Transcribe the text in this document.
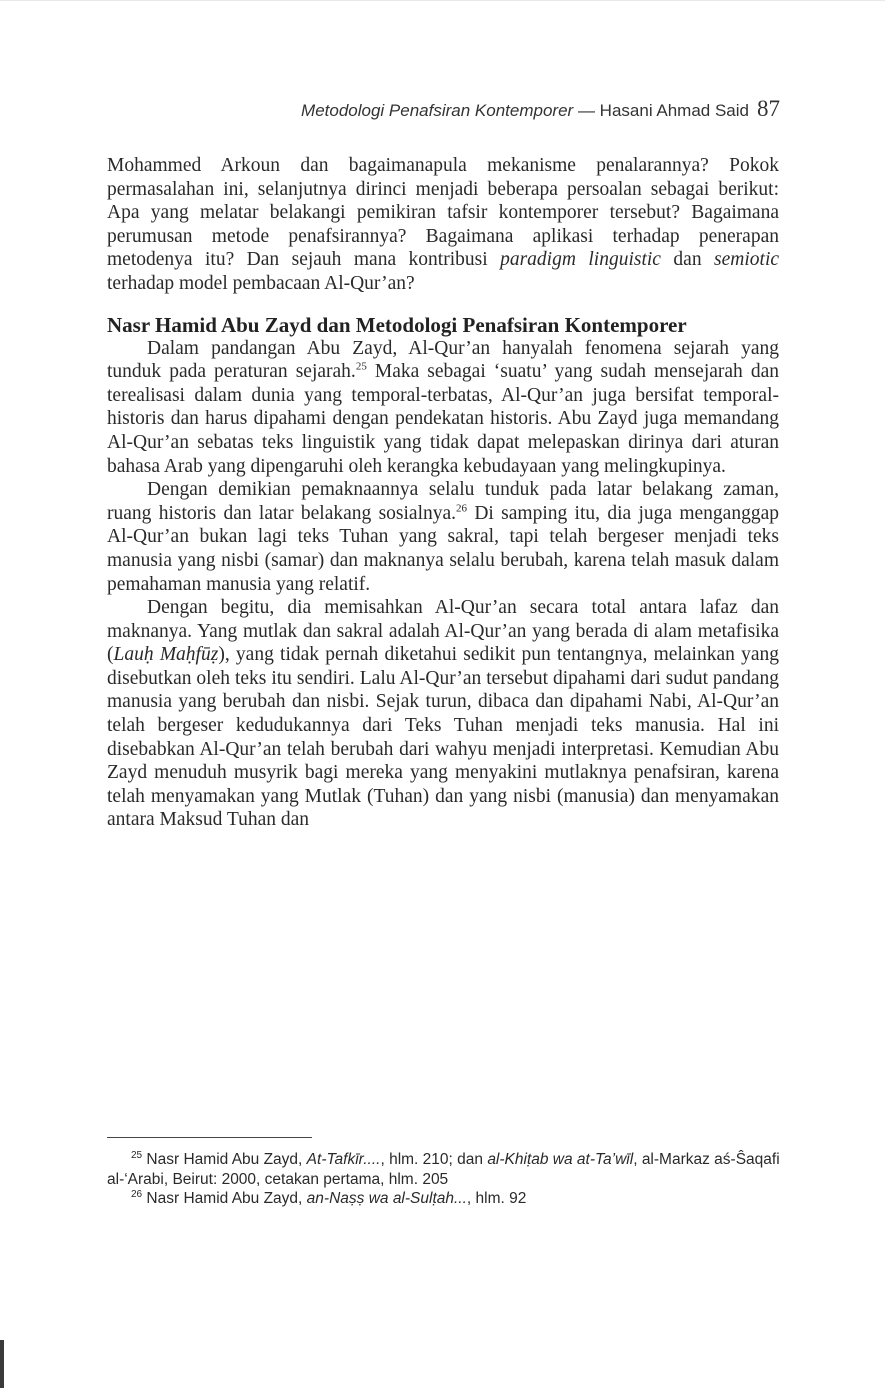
Metodologi Penafsiran Kontemporer — Hasani Ahmad Said 87

Mohammed Arkoun dan bagaimanapula mekanisme penalarannya? Pokok permasalahan ini, selanjutnya dirinci menjadi beberapa persoalan sebagai berikut: Apa yang melatar belakangi pemikiran tafsir kontemporer tersebut? Bagaimana perumusan metode penafsirannya? Bagaimana aplikasi terhadap penerapan metodenya itu? Dan sejauh mana kontribusi paradigm linguistic dan semiotic terhadap model pembacaan Al-Qur’an?

Nasr Hamid Abu Zayd dan Metodologi Penafsiran Kontemporer

Dalam pandangan Abu Zayd, Al-Qur’an hanyalah fenomena sejarah yang tunduk pada peraturan sejarah.$^{25}$ Maka sebagai ‘suatu’ yang sudah mensejarah dan terealisasi dalam dunia yang temporal-terbatas, Al-Qur’an juga bersifat temporal-historis dan harus dipahami dengan pendekatan historis. Abu Zayd juga memandang Al-Qur’an sebatas teks linguistik yang tidak dapat melepaskan dirinya dari aturan bahasa Arab yang dipengaruhi oleh kerangka kebudayaan yang melingkupinya.

Dengan demikian pemaknaannya selalu tunduk pada latar belakang zaman, ruang historis dan latar belakang sosialnya.$^{26}$ Di samping itu, dia juga menganggap Al-Qur’an bukan lagi teks Tuhan yang sakral, tapi telah bergeser menjadi teks manusia yang nisbi (samar) dan maknanya selalu berubah, karena telah masuk dalam pemahaman manusia yang relatif.

Dengan begitu, dia memisahkan Al-Qur’an secara total antara lafaz dan maknanya. Yang mutlak dan sakral adalah Al-Qur’an yang berada di alam metafisika (Lauḥ Maḥfūẓ), yang tidak pernah diketahui sedikit pun tentangnya, melainkan yang disebutkan oleh teks itu sendiri. Lalu Al-Qur’an tersebut dipahami dari sudut pandang manusia yang berubah dan nisbi. Sejak turun, dibaca dan dipahami Nabi, Al-Qur’an telah bergeser kedudukannya dari Teks Tuhan menjadi teks manusia. Hal ini disebabkan Al-Qur’an telah berubah dari wahyu menjadi interpretasi. Kemudian Abu Zayd menuduh musyrik bagi mereka yang menyakini mutlaknya penafsiran, karena telah menyamakan yang Mutlak (Tuhan) dan yang nisbi (manusia) dan menyamakan antara Maksud Tuhan dan

$^{25}$ Nasr Hamid Abu Zayd, At-Tafkīr...., hlm. 210; dan al-Khiṭab wa at-Ta’wīl, al-Markaz aś-Ŝaqafi al-‘Arabi, Beirut: 2000, cetakan pertama, hlm. 205

$^{26}$ Nasr Hamid Abu Zayd, an-Naṣṣ wa al-Sulṭah..., hlm. 92
